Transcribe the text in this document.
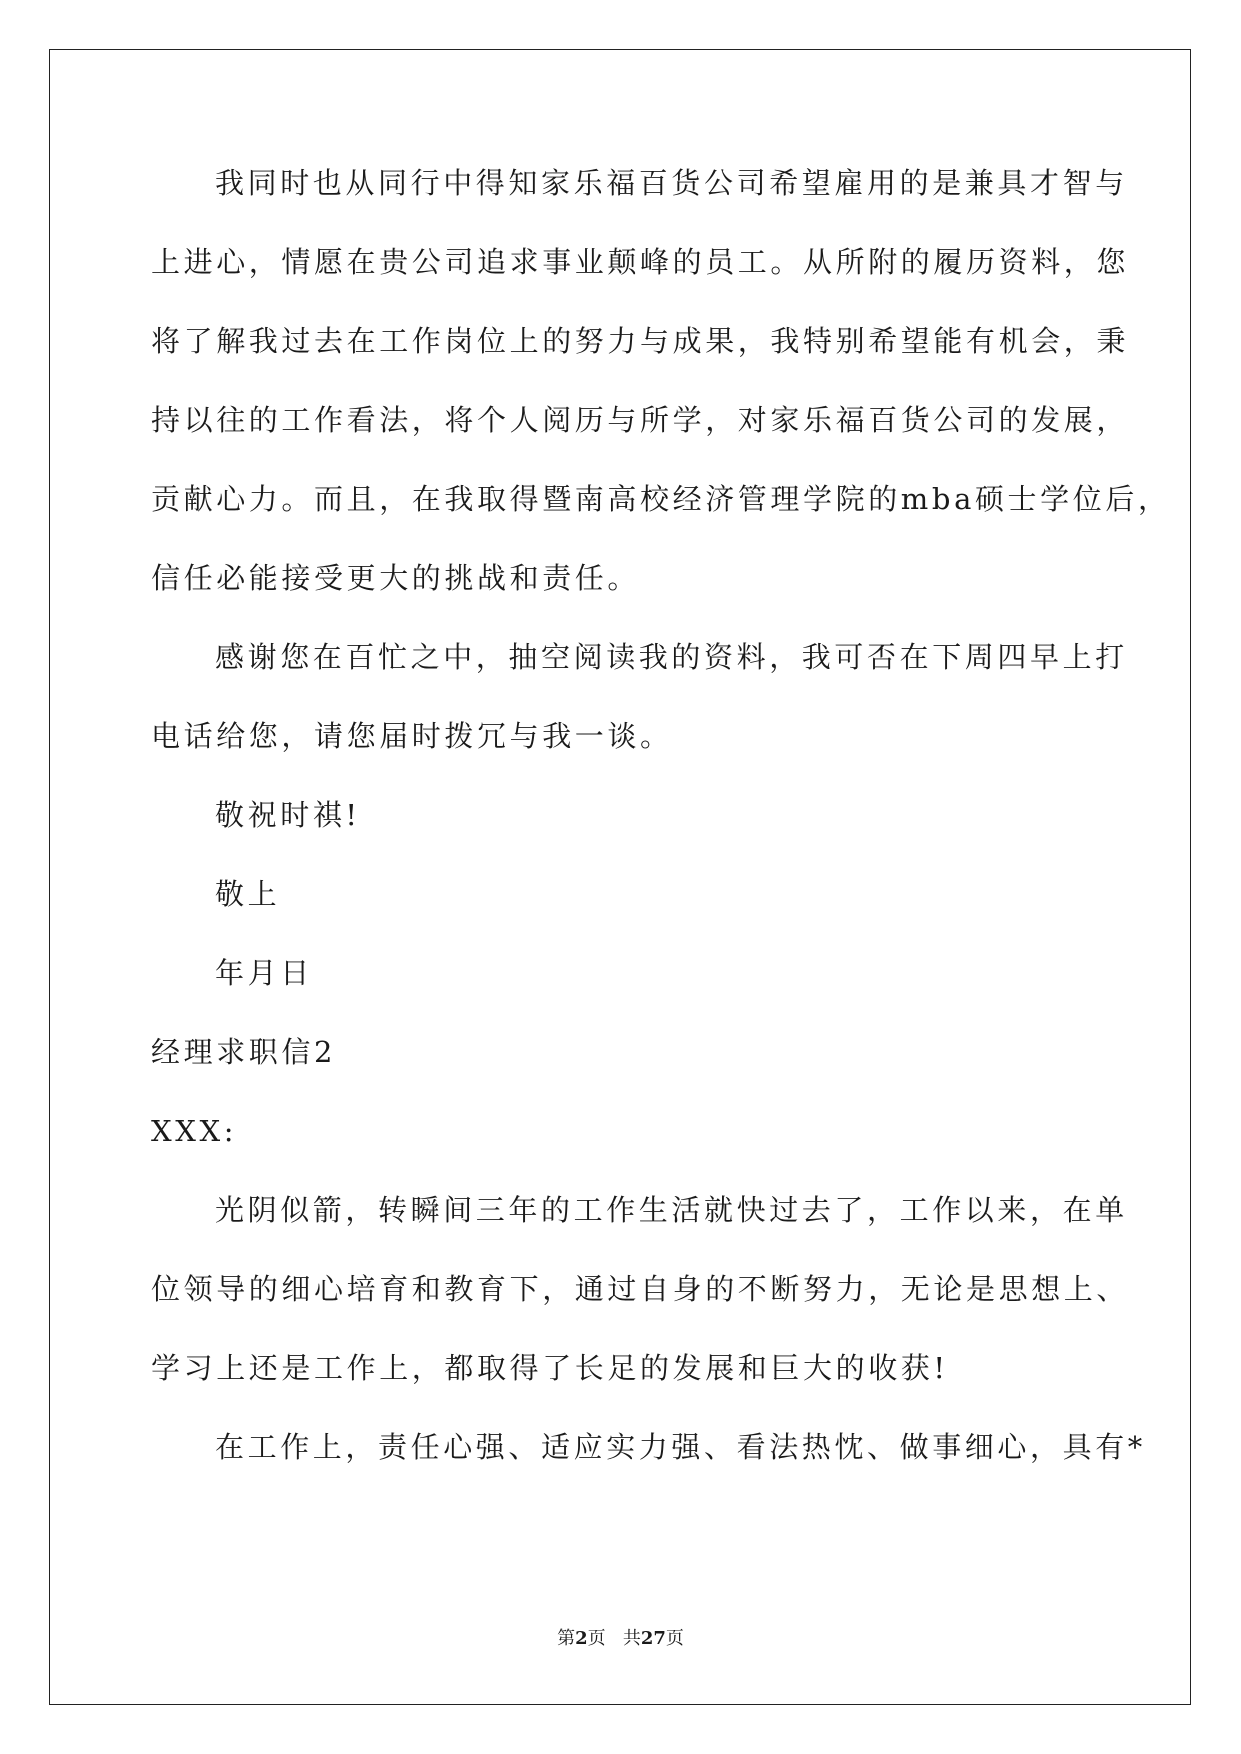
我同时也从同行中得知家乐福百货公司希望雇用的是兼具才智与
上进心，情愿在贵公司追求事业颠峰的员工。从所附的履历资料，您
将了解我过去在工作岗位上的努力与成果，我特别希望能有机会，秉
持以往的工作看法，将个人阅历与所学，对家乐福百货公司的发展，
贡献心力。而且，在我取得暨南高校经济管理学院的mba硕士学位后，
信任必能接受更大的挑战和责任。
感谢您在百忙之中，抽空阅读我的资料，我可否在下周四早上打
电话给您，请您届时拨冗与我一谈。
敬祝时祺!
敬上
年月日
经理求职信2
XXX:
光阴似箭，转瞬间三年的工作生活就快过去了，工作以来，在单
位领导的细心培育和教育下，通过自身的不断努力，无论是思想上、
学习上还是工作上，都取得了长足的发展和巨大的收获!
在工作上，责任心强、适应实力强、看法热忱、做事细心，具有*
第2页 共27页
